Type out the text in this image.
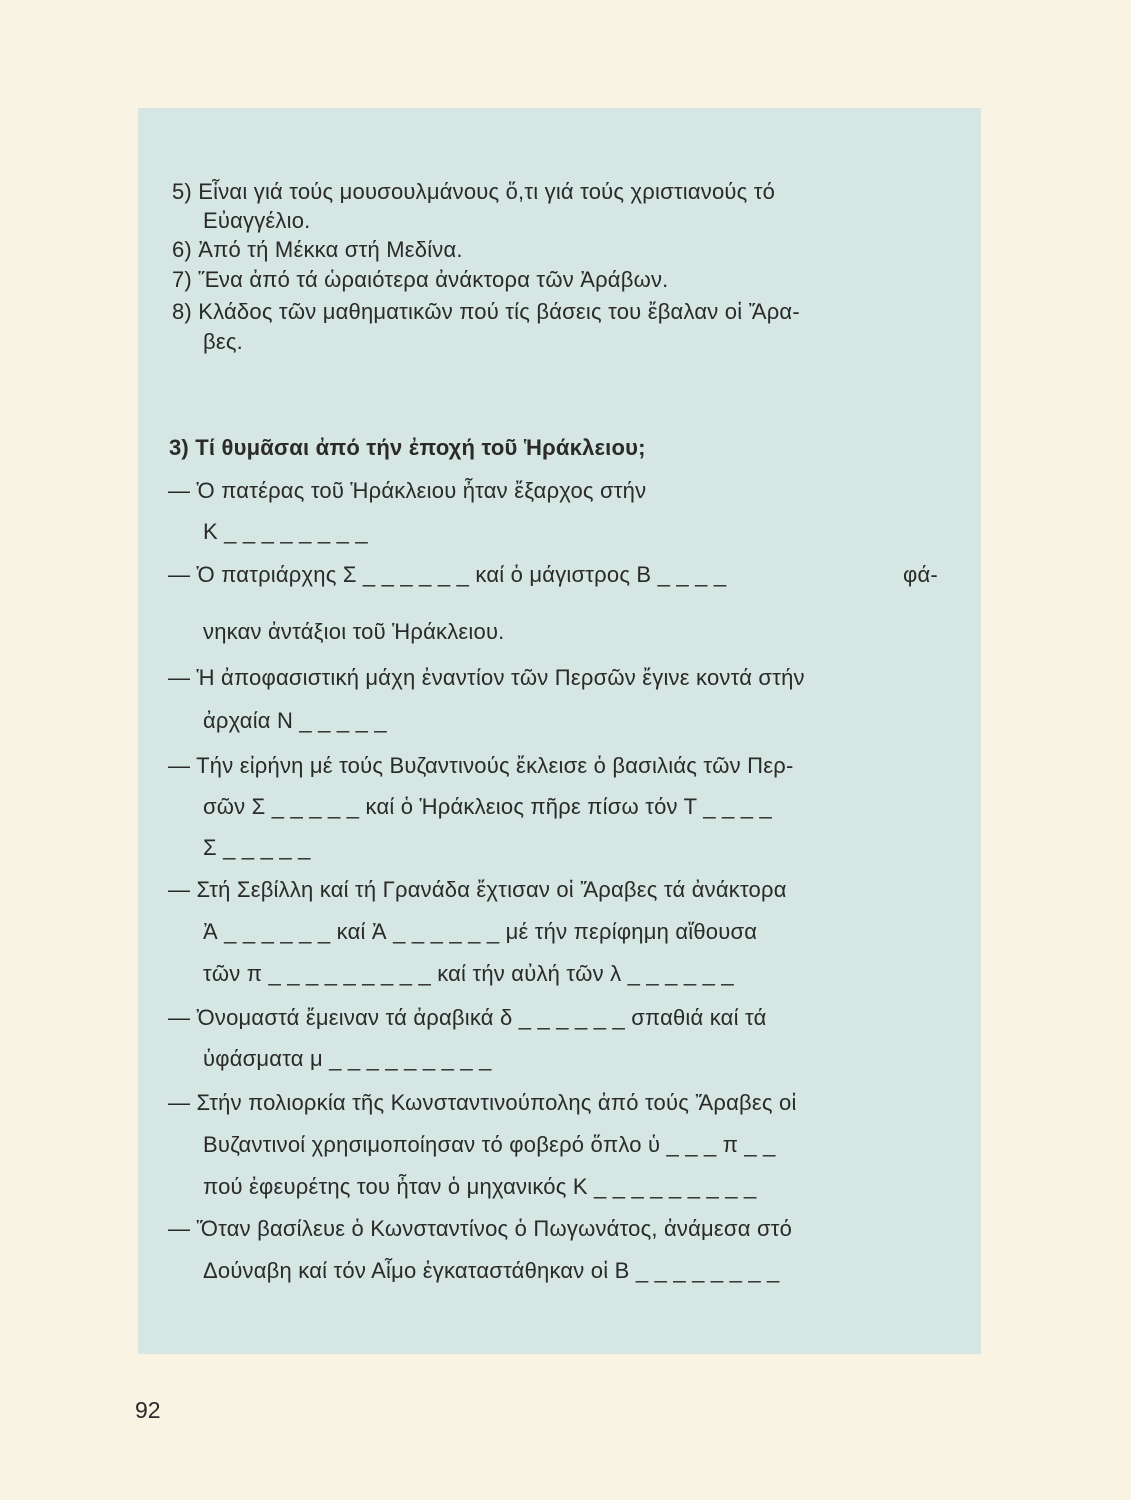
5) Εἶναι γιά τούς μουσουλμάνους ὅ,τι γιά τούς χριστιανούς τό
Εὐαγγέλιο.
6) Ἀπό τή Μέκκα στή Μεδίνα.
7) Ἕνα ἀπό τά ὡραιότερα ἀνάκτορα τῶν Ἀράβων.
8) Κλάδος τῶν μαθηματικῶν πού τίς βάσεις του ἔβαλαν οἱ Ἄρα-
βες.
3) Τί θυμᾶσαι ἀπό τήν ἐποχή τοῦ Ἡράκλειου;
— Ὁ πατέρας τοῦ Ἡράκλειου ἦταν ἔξαρχος στήν
Κ _ _ _ _ _ _ _ _
— Ὁ πατριάρχης Σ _ _ _ _ _ _ καί ὁ μάγιστρος Β _ _ _ _	φά-
νηκαν ἀντάξιοι τοῦ Ἡράκλειου.
— Ἡ ἀποφασιστική μάχη ἐναντίον τῶν Περσῶν ἔγινε κοντά στήν
ἀρχαία Ν _ _ _ _ _
— Τήν εἰρήνη μέ τούς Βυζαντινούς ἔκλεισε ὁ βασιλιάς τῶν Περ-
σῶν Σ _ _ _ _ _ καί ὁ Ἡράκλειος πῆρε πίσω τόν Τ _ _ _ _
Σ _ _ _ _ _
— Στή Σεβίλλη καί τή Γρανάδα ἔχτισαν οἱ Ἄραβες τά ἀνάκτορα
Ἀ _ _ _ _ _ _ καί Ἀ _ _ _ _ _ _ μέ τήν περίφημη αἴθουσα
τῶν π _ _ _ _ _ _ _ _ _ καί τήν αὐλή τῶν λ _ _ _ _ _ _
— Ὀνομαστά ἔμειναν τά ἀραβικά δ _ _ _ _ _ _ σπαθιά καί τά
ὑφάσματα μ _ _ _ _ _ _ _ _ _
— Στήν πολιορκία τῆς Κωνσταντινούπολης ἀπό τούς Ἄραβες οἱ
Βυζαντινοί χρησιμοποίησαν τό φοβερό ὅπλο ὑ _ _ _ π _ _
πού ἐφευρέτης του ἦταν ὁ μηχανικός Κ _ _ _ _ _ _ _ _ _
— Ὅταν βασίλευε ὁ Κωνσταντίνος ὁ Πωγωνάτος, ἀνάμεσα στό
Δούναβη καί τόν Αἶμο ἐγκαταστάθηκαν οἱ Β _ _ _ _ _ _ _ _
92
